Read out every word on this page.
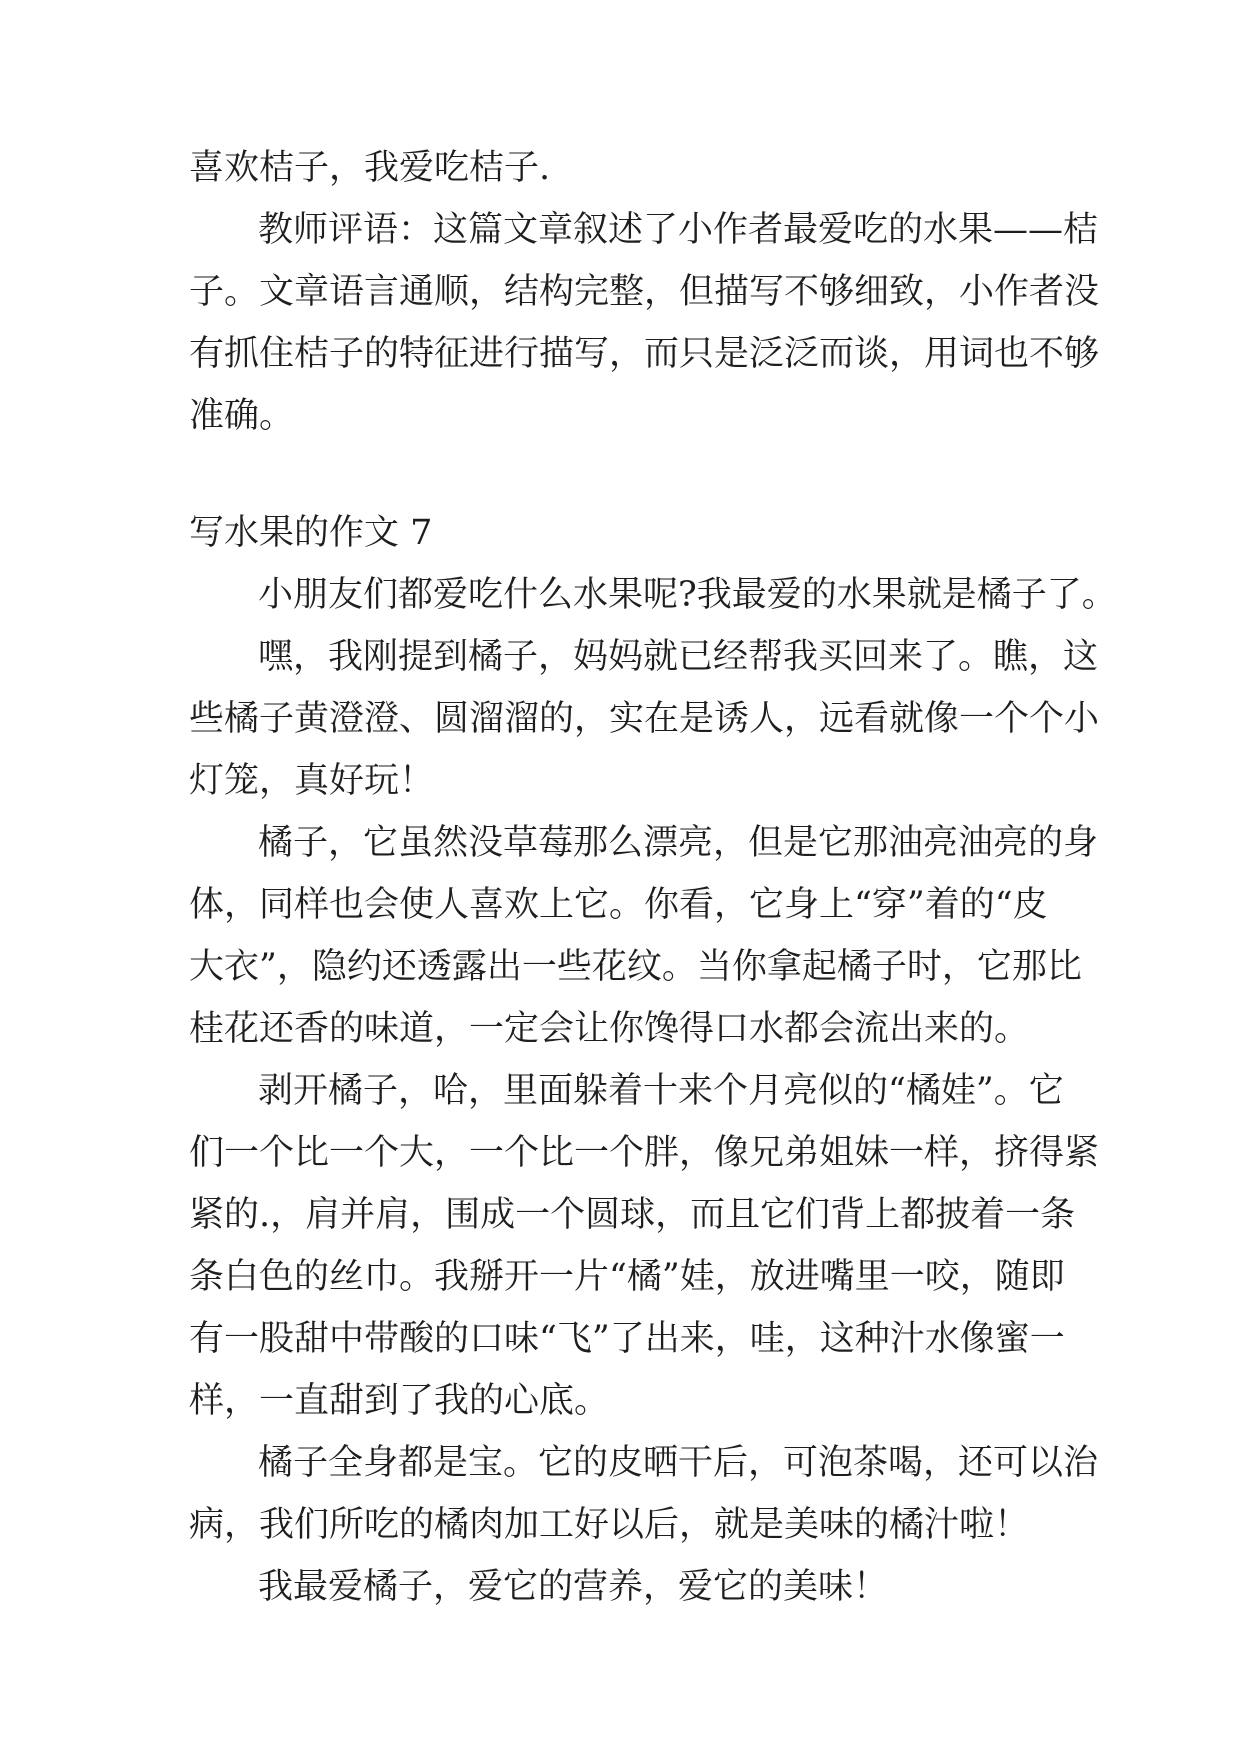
喜欢桔子，我爱吃桔子.

教师评语：这篇文章叙述了小作者最爱吃的水果——桔

子。文章语言通顺，结构完整，但描写不够细致，小作者没

有抓住桔子的特征进行描写，而只是泛泛而谈，用词也不够

准确。

写水果的作文 7

小朋友们都爱吃什么水果呢?我最爱的水果就是橘子了。

嘿，我刚提到橘子，妈妈就已经帮我买回来了。瞧，这

些橘子黄澄澄、圆溜溜的，实在是诱人，远看就像一个个小

灯笼，真好玩！

橘子，它虽然没草莓那么漂亮，但是它那油亮油亮的身

体，同样也会使人喜欢上它。你看，它身上“穿”着的“皮

大衣”，隐约还透露出一些花纹。当你拿起橘子时，它那比

桂花还香的味道，一定会让你馋得口水都会流出来的。

剥开橘子，哈，里面躲着十来个月亮似的“橘娃”。它

们一个比一个大，一个比一个胖，像兄弟姐妹一样，挤得紧

紧的.，肩并肩，围成一个圆球，而且它们背上都披着一条

条白色的丝巾。我掰开一片“橘”娃，放进嘴里一咬，随即

有一股甜中带酸的口味“飞”了出来，哇，这种汁水像蜜一

样，一直甜到了我的心底。

橘子全身都是宝。它的皮晒干后，可泡茶喝，还可以治

病，我们所吃的橘肉加工好以后，就是美味的橘汁啦！

我最爱橘子，爱它的营养，爱它的美味！
